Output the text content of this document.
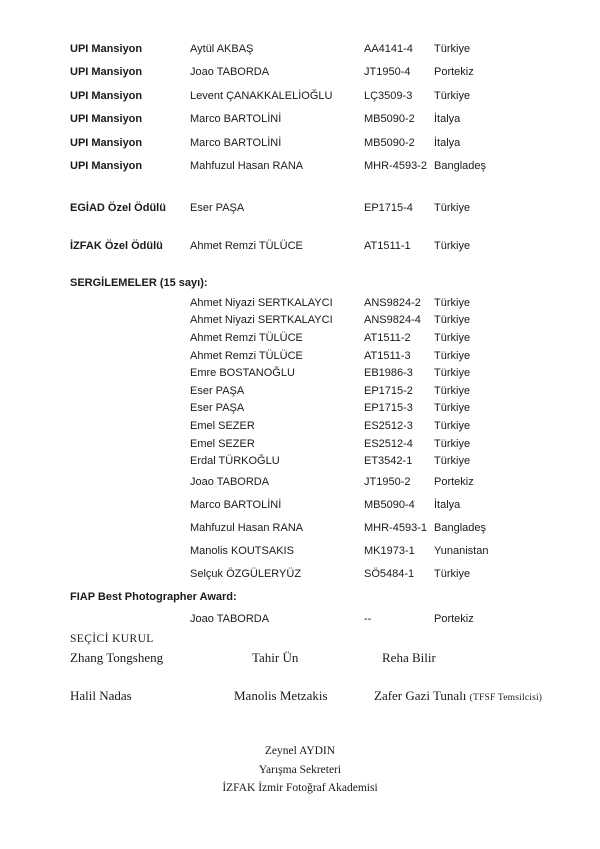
UPI Mansiyon	Aytül AKBAŞ	AA4141-4	Türkiye
UPI Mansiyon	Joao TABORDA	JT1950-4	Portekiz
UPI Mansiyon	Levent ÇANAKKALELİOĞLU	LÇ3509-3	Türkiye
UPI Mansiyon	Marco BARTOLİNİ	MB5090-2	İtalya
UPI Mansiyon	Marco BARTOLİNİ	MB5090-2	İtalya
UPI Mansiyon	Mahfuzul Hasan RANA	MHR-4593-2 Bangladeş
EGİAD Özel Ödülü	Eser PAŞA	EP1715-4	Türkiye
İZFAK Özel Ödülü	Ahmet Remzi TÜLÜCE	AT1511-1	Türkiye
SERGİLEMELER (15 sayı):
Ahmet Niyazi SERTKALAYCI	ANS9824-2	Türkiye
Ahmet Niyazi SERTKALAYCI	ANS9824-4	Türkiye
Ahmet Remzi TÜLÜCE	AT1511-2	Türkiye
Ahmet Remzi TÜLÜCE	AT1511-3	Türkiye
Emre BOSTANOĞLU	EB1986-3	Türkiye
Eser PAŞA	EP1715-2	Türkiye
Eser PAŞA	EP1715-3	Türkiye
Emel SEZER	ES2512-3	Türkiye
Emel SEZER	ES2512-4	Türkiye
Erdal TÜRKOĞLU	ET3542-1	Türkiye
Joao TABORDA	JT1950-2	Portekiz
Marco BARTOLİNİ	MB5090-4	İtalya
Mahfuzul Hasan RANA	MHR-4593-1 Bangladeş
Manolis KOUTSAKIS	MK1973-1	Yunanistan
Selçuk ÖZGÜLERYÜZ	SÖ5484-1	Türkiye
FIAP Best Photographer Award:
Joao TABORDA	--	Portekiz
SEÇİCİ KURUL
Zhang Tongsheng	Tahir Ün	Reha Bilir
Halil Nadas	Manolis Metzakis	Zafer Gazi Tunalı (TFSF Temsilcisi)
Zeynel AYDIN
Yarışma Sekreteri
İZFAK İzmir Fotoğraf Akademisi
